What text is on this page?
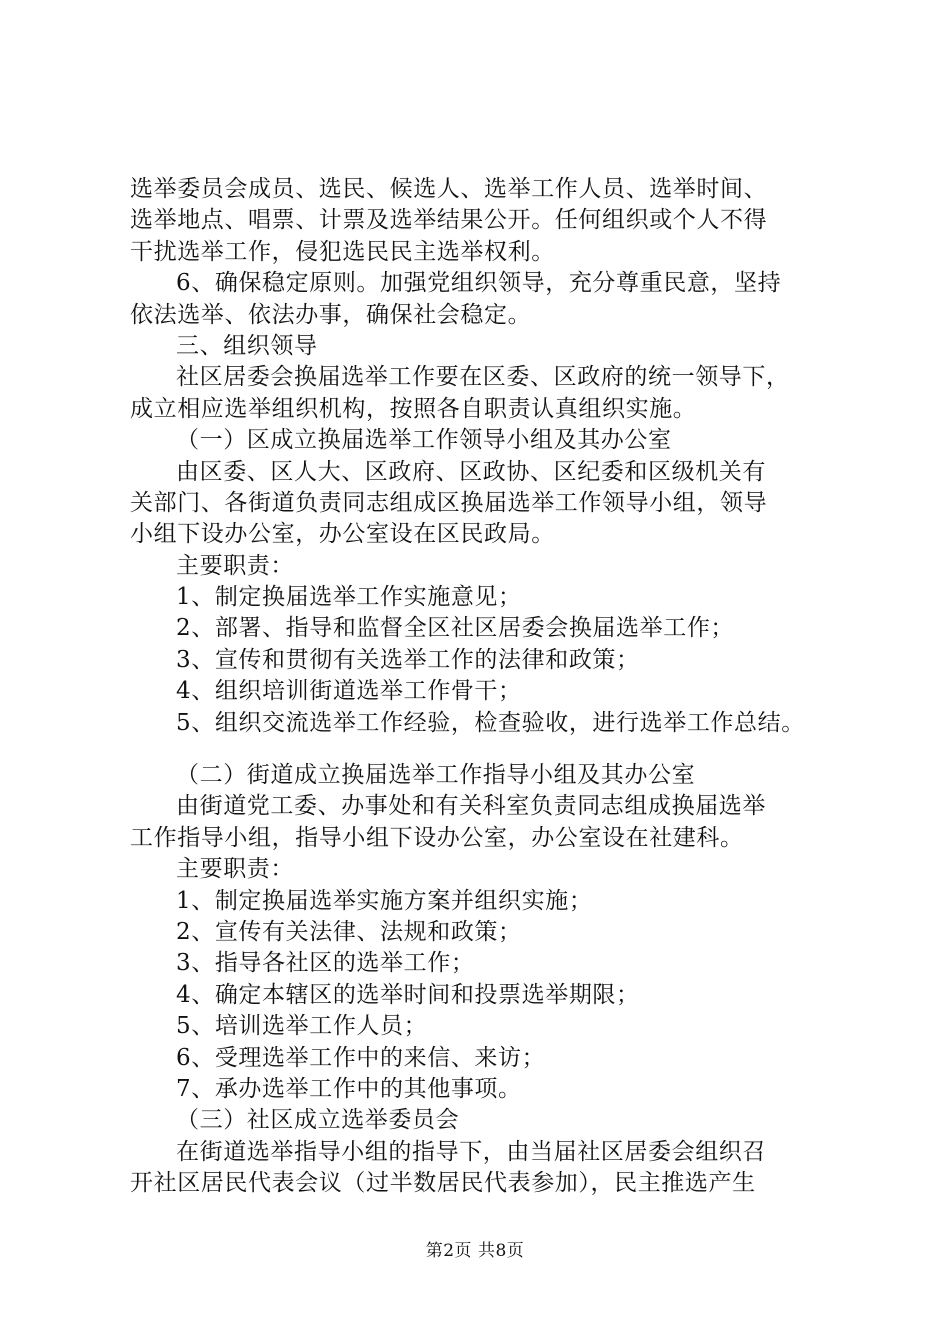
选举委员会成员、选民、候选人、选举工作人员、选举时间、
选举地点、唱票、计票及选举结果公开。任何组织或个人不得
干扰选举工作，侵犯选民民主选举权利。
6、确保稳定原则。加强党组织领导，充分尊重民意，坚持
依法选举、依法办事，确保社会稳定。
三、组织领导
社区居委会换届选举工作要在区委、区政府的统一领导下，
成立相应选举组织机构，按照各自职责认真组织实施。
（一）区成立换届选举工作领导小组及其办公室
由区委、区人大、区政府、区政协、区纪委和区级机关有
关部门、各街道负责同志组成区换届选举工作领导小组，领导
小组下设办公室，办公室设在区民政局。
主要职责：
1、制定换届选举工作实施意见；
2、部署、指导和监督全区社区居委会换届选举工作；
3、宣传和贯彻有关选举工作的法律和政策；
4、组织培训街道选举工作骨干；
5、组织交流选举工作经验，检查验收，进行选举工作总结。
（二）街道成立换届选举工作指导小组及其办公室
由街道党工委、办事处和有关科室负责同志组成换届选举
工作指导小组，指导小组下设办公室，办公室设在社建科。
主要职责：
1、制定换届选举实施方案并组织实施；
2、宣传有关法律、法规和政策；
3、指导各社区的选举工作；
4、确定本辖区的选举时间和投票选举期限；
5、培训选举工作人员；
6、受理选举工作中的来信、来访；
7、承办选举工作中的其他事项。
（三）社区成立选举委员会
在街道选举指导小组的指导下，由当届社区居委会组织召
开社区居民代表会议（过半数居民代表参加），民主推选产生
第2页 共8页
